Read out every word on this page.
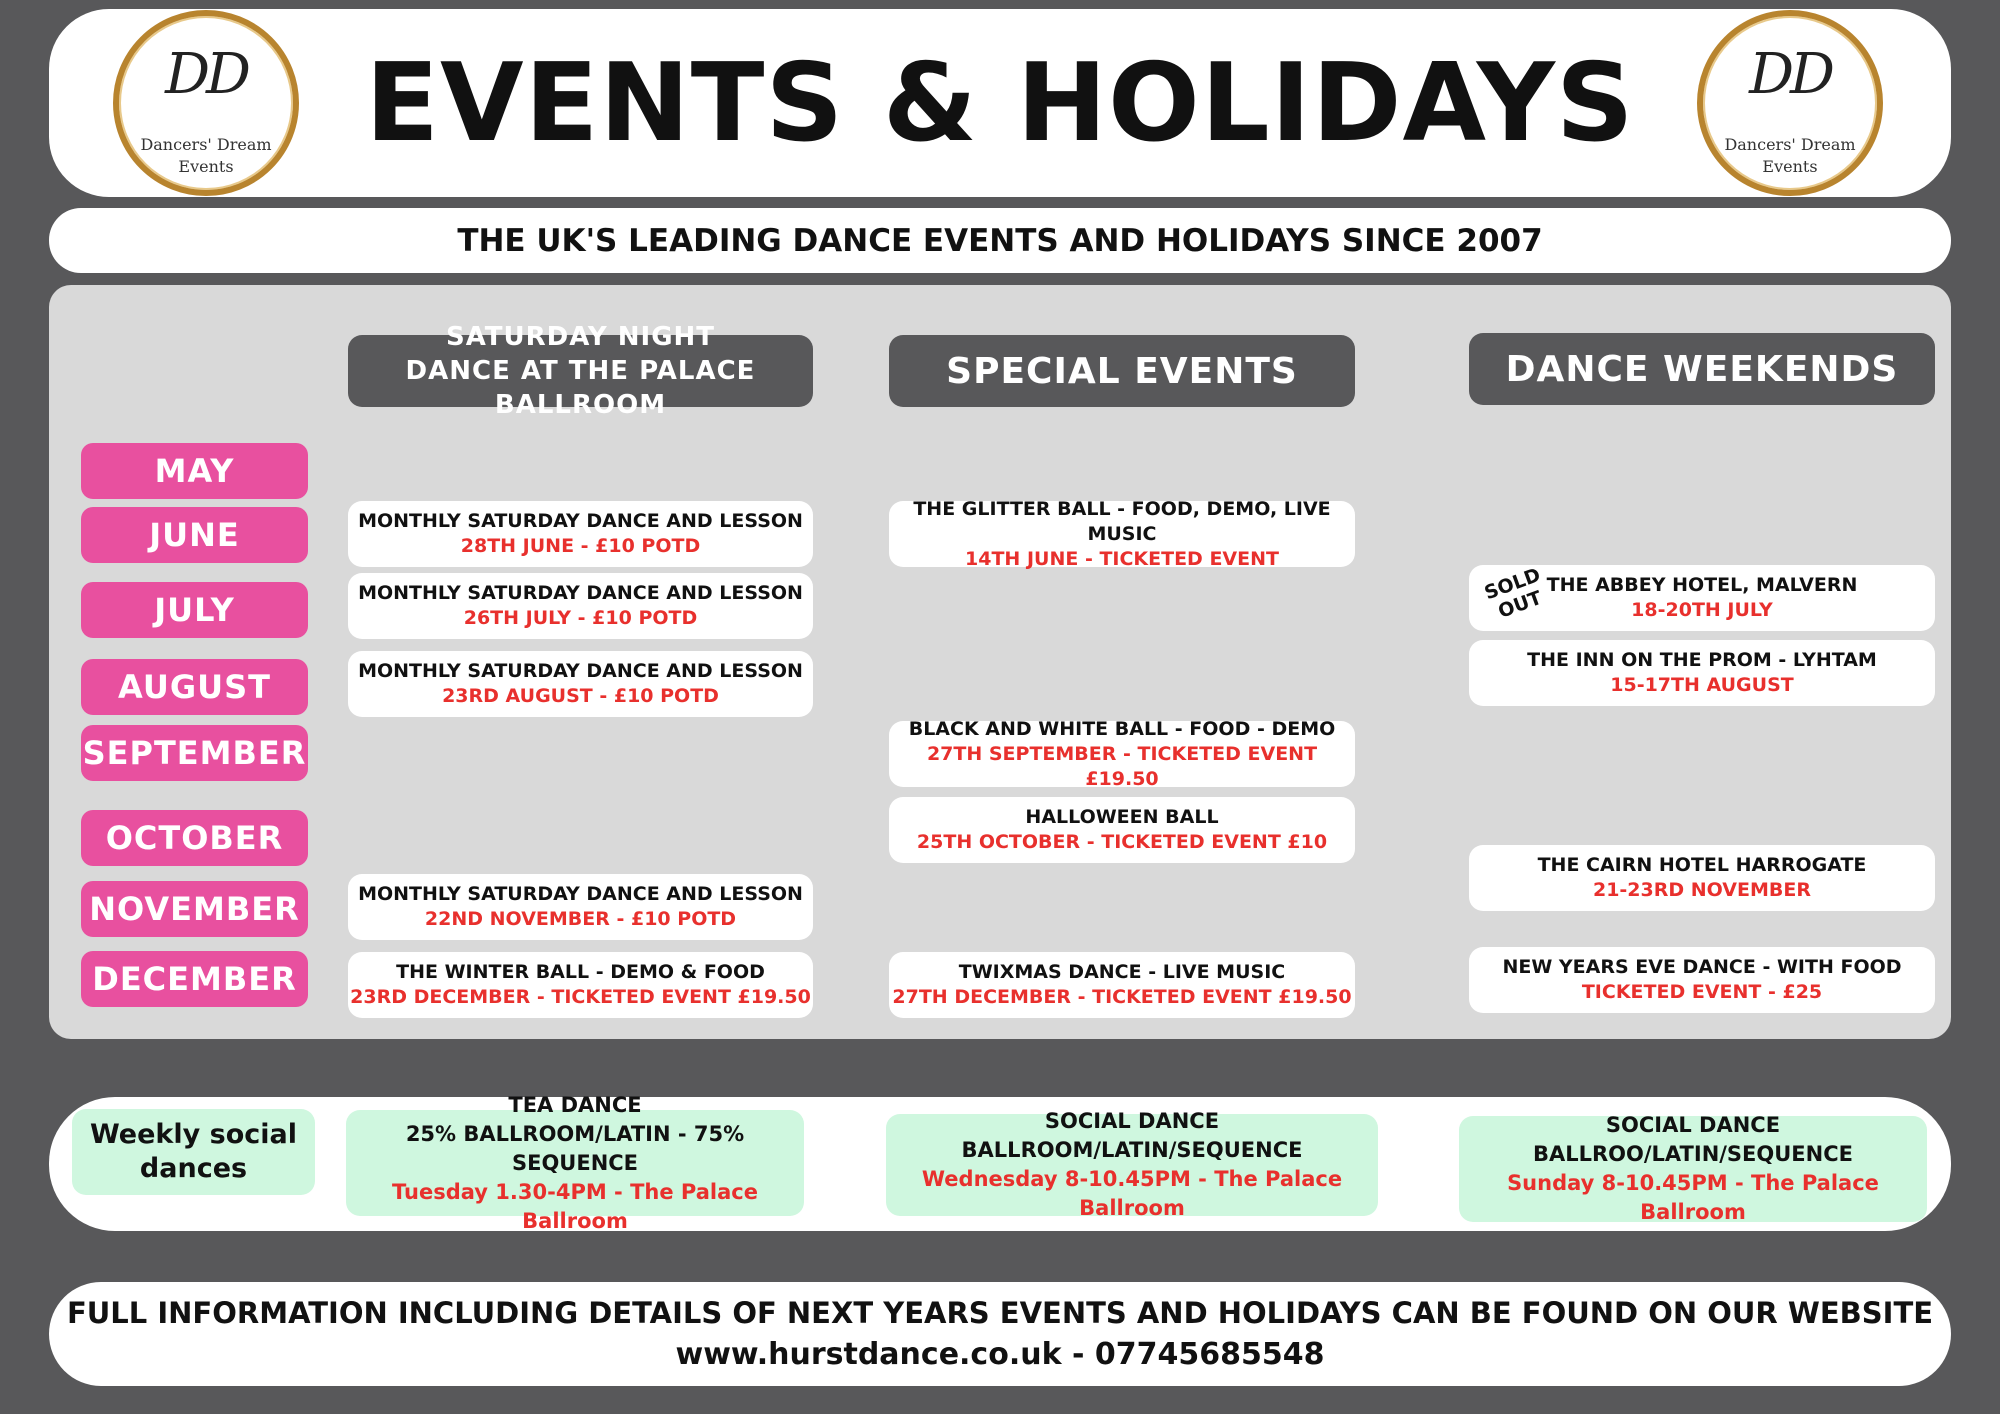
DD
Dancers' Dream
Events
EVENTS & HOLIDAYS	DD
Dancers' Dream
Events
THE UK'S LEADING DANCE EVENTS AND HOLIDAYS SINCE 2007
SATURDAY NIGHT DANCE AT THE PALACE BALLROOM
SPECIAL EVENTS	DANCE WEEKENDS
MAY
JUNE
JULY
AUGUST
SEPTEMBER
OCTOBER
NOVEMBER
DECEMBER
MONTHLY SATURDAY DANCE AND LESSON
28TH JUNE - £10 POTD
MONTHLY SATURDAY DANCE AND LESSON
26TH JULY - £10 POTD
MONTHLY SATURDAY DANCE AND LESSON
23RD AUGUST - £10 POTD
MONTHLY SATURDAY DANCE AND LESSON
22ND NOVEMBER - £10 POTD
THE WINTER BALL - DEMO & FOOD
23RD DECEMBER - TICKETED EVENT £19.50
THE GLITTER BALL - FOOD, DEMO, LIVE MUSIC
14TH JUNE - TICKETED EVENT
BLACK AND WHITE BALL - FOOD - DEMO
27TH SEPTEMBER - TICKETED EVENT £19.50
HALLOWEEN BALL
25TH OCTOBER - TICKETED EVENT £10
TWIXMAS DANCE - LIVE MUSIC
27TH DECEMBER - TICKETED EVENT £19.50
THE ABBEY HOTEL, MALVERN
18-20TH JULY
SOLD OUT
THE INN ON THE PROM - LYHTAM
15-17TH AUGUST
THE CAIRN HOTEL HARROGATE
21-23RD NOVEMBER
NEW YEARS EVE DANCE - WITH FOOD
TICKETED EVENT - £25
Weekly social dances
TEA DANCE
25% BALLROOM/LATIN - 75% SEQUENCE
Tuesday 1.30-4PM - The Palace Ballroom
SOCIAL DANCE
BALLROOM/LATIN/SEQUENCE
Wednesday 8-10.45PM - The Palace Ballroom
SOCIAL DANCE
BALLROO/LATIN/SEQUENCE
Sunday 8-10.45PM - The Palace Ballroom
FULL INFORMATION INCLUDING DETAILS OF NEXT YEARS EVENTS AND HOLIDAYS CAN BE FOUND ON OUR WEBSITE
www.hurstdance.co.uk - 07745685548
